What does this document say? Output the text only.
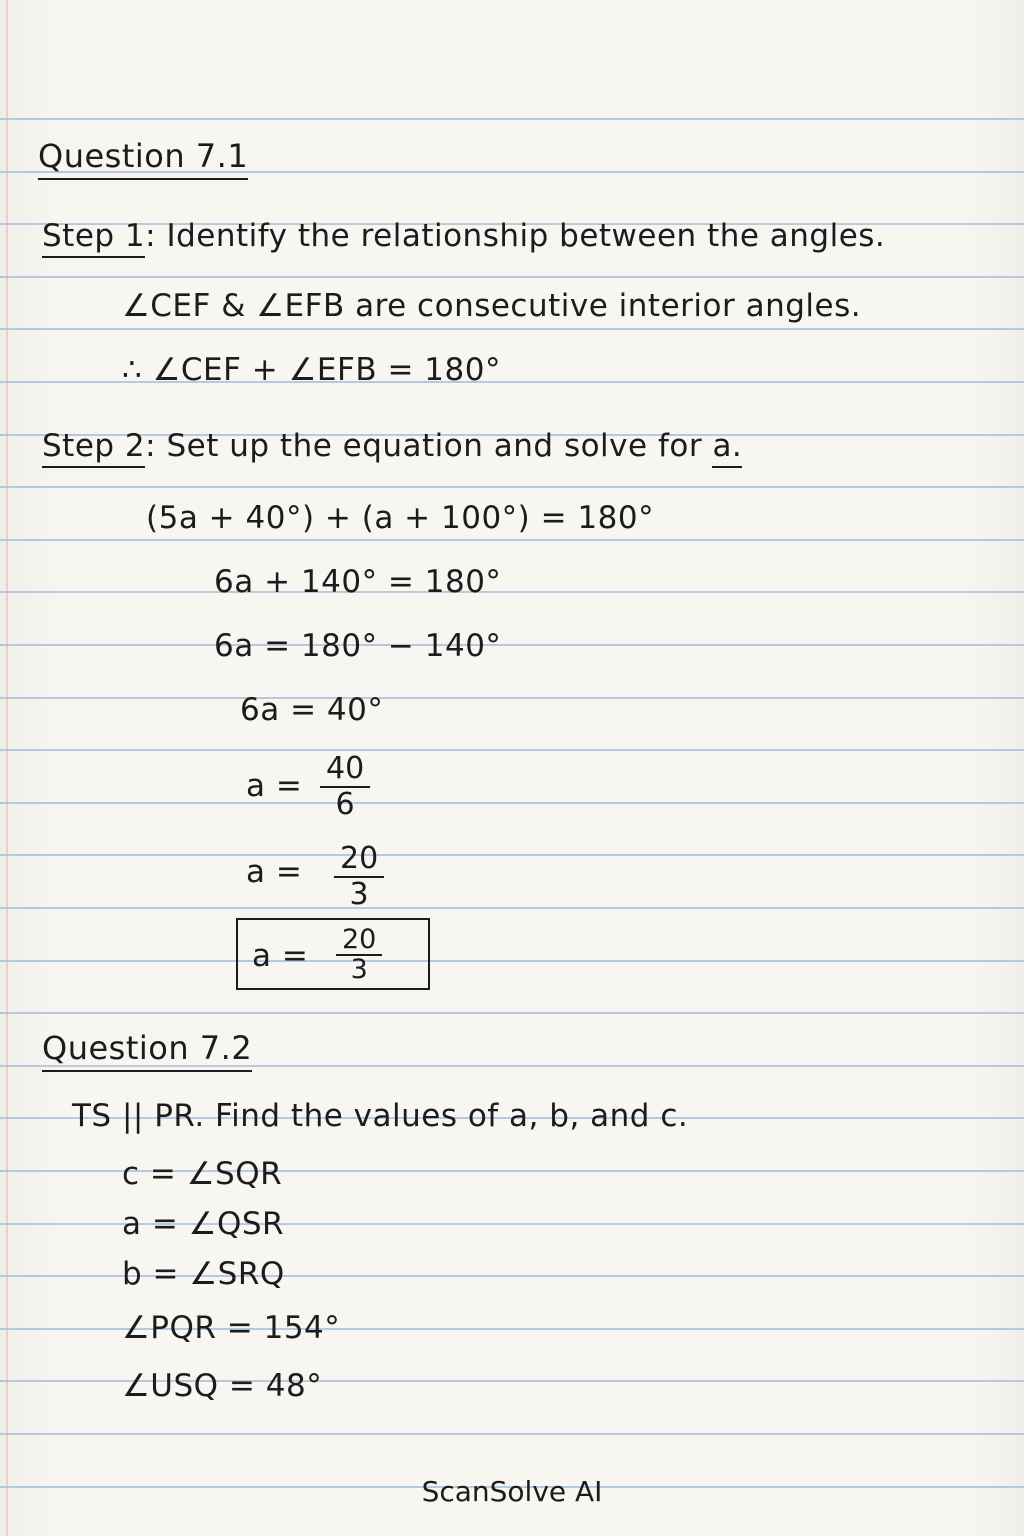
Question 7.1
Step 1: Identify the relationship between the angles.
∠CEF & ∠EFB are consecutive interior angles.
∴ ∠CEF + ∠EFB = 180°
Step 2: Set up the equation and solve for a.
(5a + 40°) + (a + 100°) = 180°
6a + 140° = 180°
6a = 180° − 140°
6a = 40°
$a = \frac{40}{6}$
$a = \frac{20}{3}$
$a = \frac{20}{3}$
Question 7.2
TS || PR. Find the values of a, b, and c.
c = ∠SQR
a = ∠QSR
b = ∠SRQ
∠PQR = 154°
∠USQ = 48°
ScanSolve AI
